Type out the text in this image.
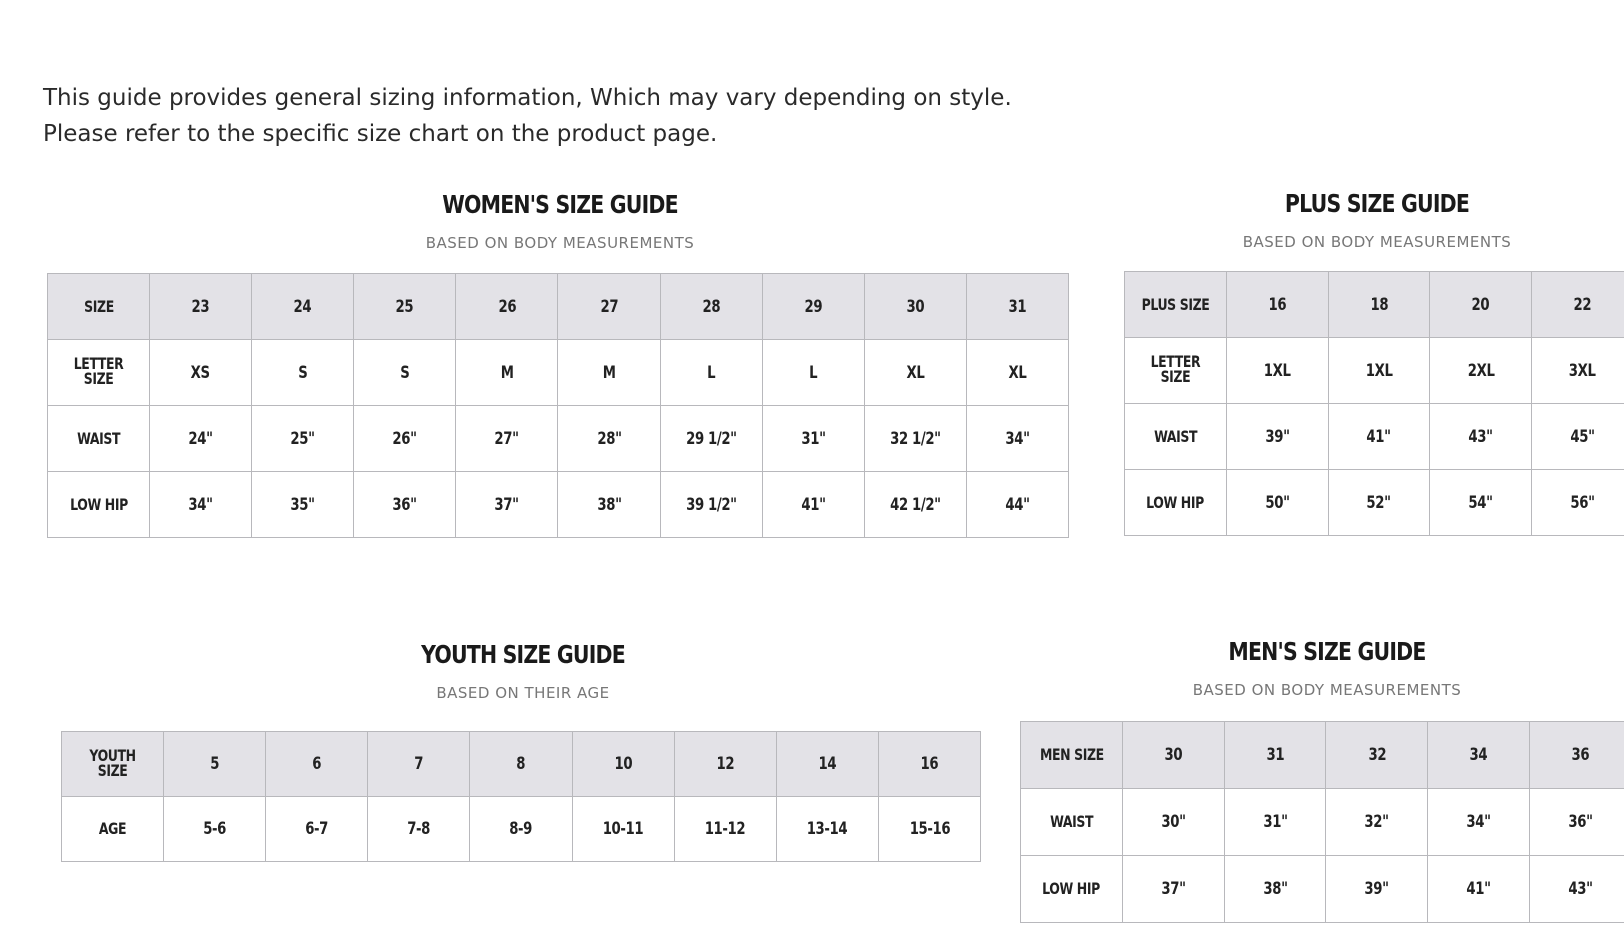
This guide provides general sizing information, Which may vary depending on style.

Please refer to the specific size chart on the product page.

WOMEN'S SIZE GUIDE
BASED ON BODY MEASUREMENTS
SIZE	23	24	25	26	27	28	29	30	31
LETTER SIZE	XS	S	S	M	M	L	L	XL	XL
WAIST	24"	25"	26"	27"	28"	29 1/2"	31"	32 1/2"	34"
LOW HIP	34"	35"	36"	37"	38"	39 1/2"	41"	42 1/2"	44"
PLUS SIZE GUIDE
BASED ON BODY MEASUREMENTS
PLUS SIZE	16	18	20	22
LETTER SIZE	1XL	1XL	2XL	3XL
WAIST	39"	41"	43"	45"
LOW HIP	50"	52"	54"	56"
YOUTH SIZE GUIDE
BASED ON THEIR AGE
YOUTH SIZE	5	6	7	8	10	12	14	16
AGE	5-6	6-7	7-8	8-9	10-11	11-12	13-14	15-16
MEN'S SIZE GUIDE
BASED ON BODY MEASUREMENTS
MEN SIZE	30	31	32	34	36
WAIST	30"	31"	32"	34"	36"
LOW HIP	37"	38"	39"	41"	43"
